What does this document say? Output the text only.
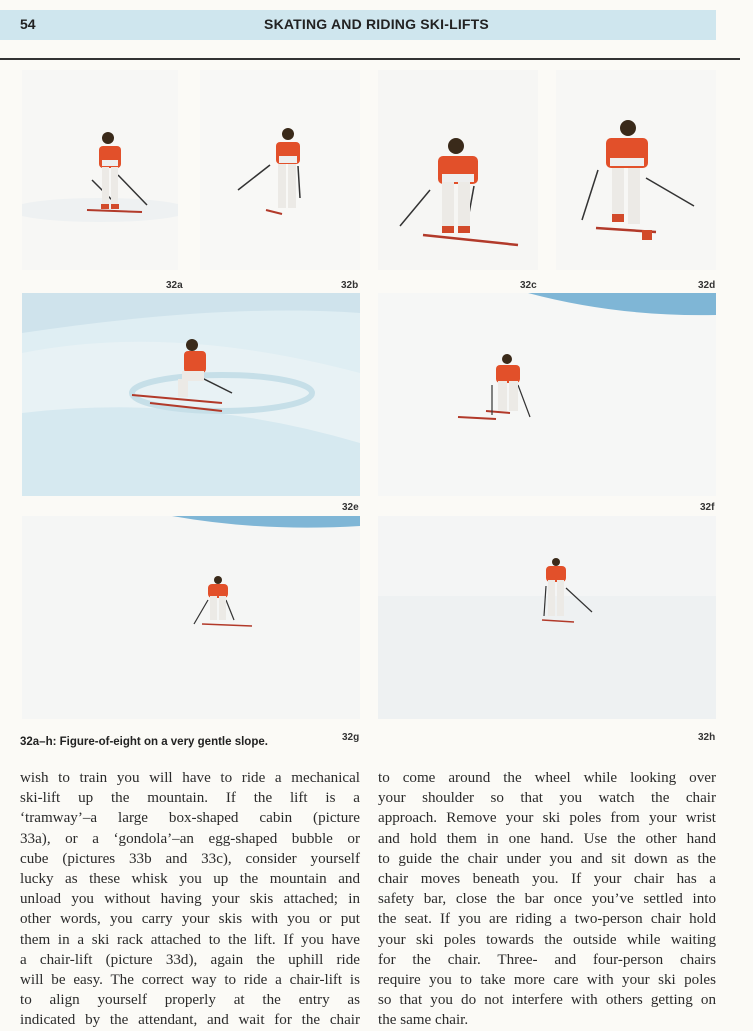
54	SKATING AND RIDING SKI-LIFTS
32a	32b	32c	32d
32e	32f
32g	32h
32a–h: Figure-of-eight on a very gentle slope.
wish to train you will have to ride a mechanical
ski-lift up the mountain. If the lift is a
‘tramway’–a large box-shaped cabin (picture
33a), or a ‘gondola’–an egg-shaped bubble or
cube (pictures 33b and 33c), consider yourself
lucky as these whisk you up the mountain and
unload you without having your skis attached; in
other words, you carry your skis with you or put
them in a ski rack attached to the lift. If you have
a chair-lift (picture 33d), again the uphill ride
will be easy. The correct way to ride a chair-lift is
to align yourself properly at the entry as
indicated by the attendant, and wait for the chair
to come around the wheel while looking over
your shoulder so that you watch the chair
approach. Remove your ski poles from your wrist
and hold them in one hand. Use the other hand
to guide the chair under you and sit down as the
chair moves beneath you. If your chair has a
safety bar, close the bar once you’ve settled into
the seat. If you are riding a two-person chair hold
your ski poles towards the outside while waiting
for the chair. Three- and four-person chairs
require you to take more care with your ski poles
so that you do not interfere with others getting on
the same chair.
